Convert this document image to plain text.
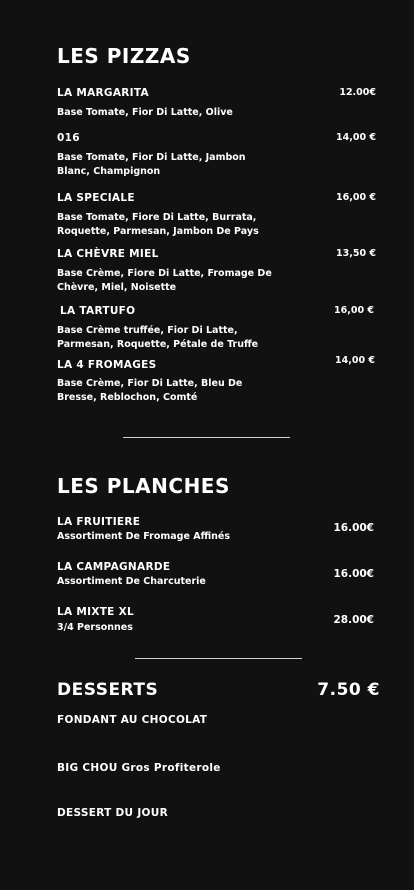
LES PIZZAS
LA MARGARITA	12.00€
Base Tomate, Fior Di Latte, Olive
016	14,00 €
Base Tomate, Fior Di Latte, Jambon Blanc, Champignon
LA SPECIALE	16,00 €
Base Tomate, Fiore Di Latte, Burrata, Roquette, Parmesan, Jambon De Pays
LA CHÈVRE MIEL	13,50 €
Base Crème, Fiore Di Latte, Fromage De Chèvre, Miel, Noisette
LA TARTUFO	16,00 €
Base Crème truffée, Fior Di Latte, Parmesan, Roquette, Pétale de Truffe
LA 4 FROMAGES	14,00 €
Base Crème, Fior Di Latte, Bleu De Bresse, Reblochon, Comté
LES PLANCHES
LA FRUITIERE
Assortiment De Fromage Affinés
16.00€
LA CAMPAGNARDE
Assortiment De Charcuterie
16.00€
LA MIXTE XL
3/4 Personnes
28.00€
DESSERTS	7.50 €
FONDANT AU CHOCOLAT
BIG CHOU Gros Profiterole
DESSERT DU JOUR
